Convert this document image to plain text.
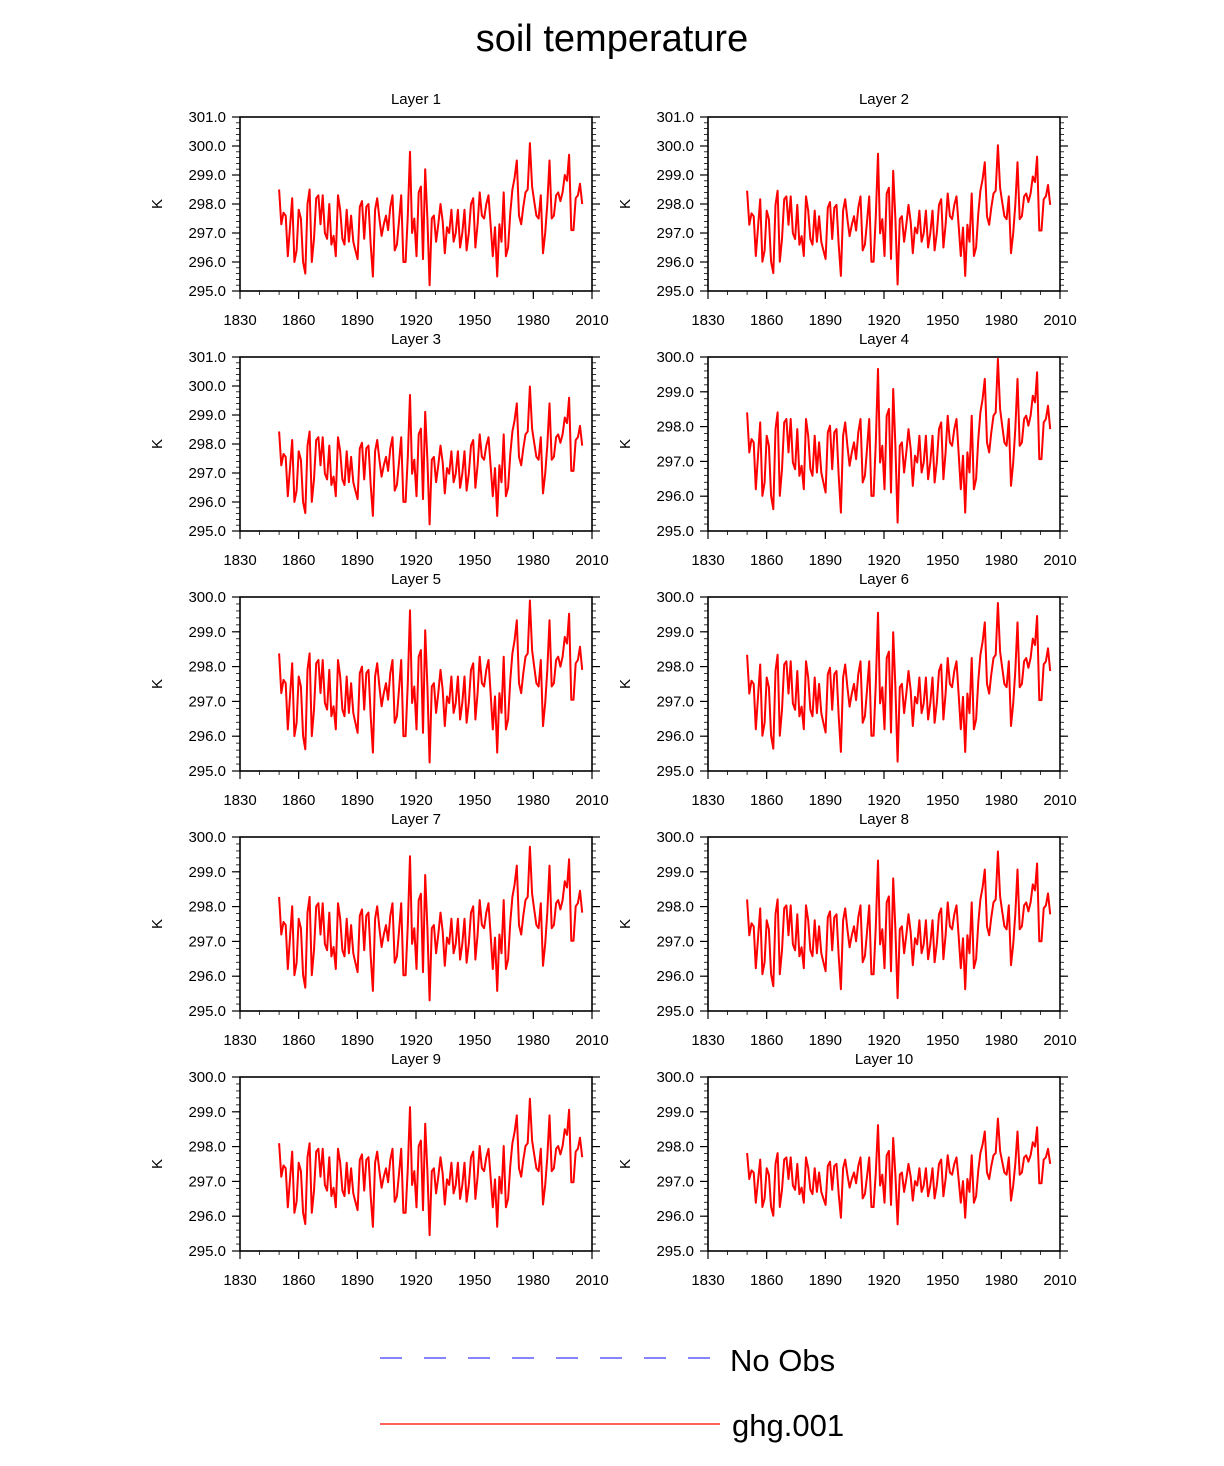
soil temperature
Layer 1
K
295.0
296.0
297.0
298.0
299.0
300.0
301.0
1830 1860 1890 1920 1950 1980 2010
Layer 2
K
295.0
296.0
297.0
298.0
299.0
300.0
301.0
1830 1860 1890 1920 1950 1980 2010
Layer 3
K
295.0
296.0
297.0
298.0
299.0
300.0
301.0
1830 1860 1890 1920 1950 1980 2010
Layer 4
K
295.0
296.0
297.0
298.0
299.0
300.0
1830 1860 1890 1920 1950 1980 2010
Layer 5
K
295.0
296.0
297.0
298.0
299.0
300.0
1830 1860 1890 1920 1950 1980 2010
Layer 6
K
295.0
296.0
297.0
298.0
299.0
300.0
1830 1860 1890 1920 1950 1980 2010
Layer 7
K
295.0
296.0
297.0
298.0
299.0
300.0
1830 1860 1890 1920 1950 1980 2010
Layer 8
K
295.0
296.0
297.0
298.0
299.0
300.0
1830 1860 1890 1920 1950 1980 2010
Layer 9
K
295.0
296.0
297.0
298.0
299.0
300.0
1830 1860 1890 1920 1950 1980 2010
Layer 10
K
295.0
296.0
297.0
298.0
299.0
300.0
1830 1860 1890 1920 1950 1980 2010
No Obs
ghg.001
